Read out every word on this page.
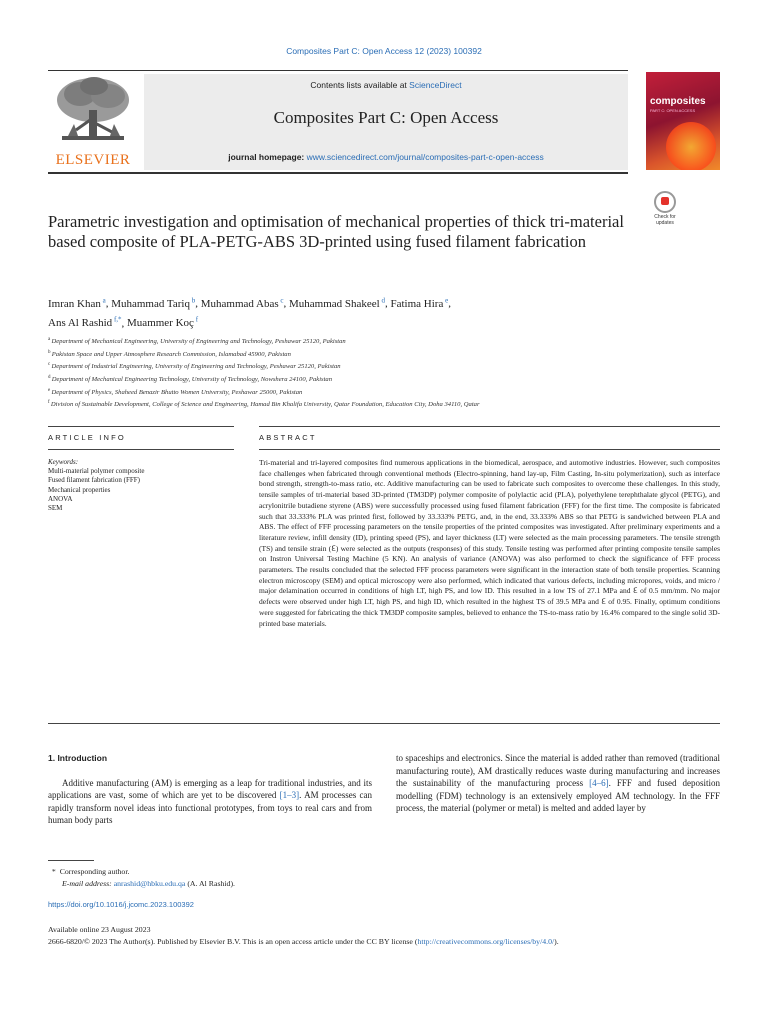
Composites Part C: Open Access 12 (2023) 100392
ELSEVIER
Contents lists available at ScienceDirect
Composites Part C: Open Access
journal homepage: www.sciencedirect.com/journal/composites-part-c-open-access
composites
PART C: OPEN ACCESS
Check for
updates
Parametric investigation and optimisation of mechanical properties of thick tri-material based composite of PLA-PETG-ABS 3D-printed using fused filament fabrication
Imran Khan $^a$, Muhammad Tariq $^b$, Muhammad Abas $^c$, Muhammad Shakeel $^d$, Fatima Hira $^e$,
Ans Al Rashid $^{f,*}$, Muammer Koç $^f$
$^a$ Department of Mechanical Engineering, University of Engineering and Technology, Peshawar 25120, Pakistan
$^b$ Pakistan Space and Upper Atmosphere Research Commission, Islamabad 45900, Pakistan
$^c$ Department of Industrial Engineering, University of Engineering and Technology, Peshawar 25120, Pakistan
$^d$ Department of Mechanical Engineering Technology, University of Technology, Nowshera 24100, Pakistan
$^e$ Department of Physics, Shaheed Benazir Bhutto Women University, Peshawar 25000, Pakistan
$^f$ Division of Sustainable Development, College of Science and Engineering, Hamad Bin Khalifa University, Qatar Foundation, Education City, Doha 34110, Qatar
ARTICLE INFO	ABSTRACT
Keywords:
Multi-material polymer composite
Fused filament fabrication (FFF)
Mechanical properties
ANOVA
SEM
Tri-material and tri-layered composites find numerous applications in the biomedical, aerospace, and automotive industries. However, such composites face challenges when fabricated through conventional methods (Electro-spinning, hand lay-up, Film Casting, In-situ polymerization), such as interface bond strength, strength-to-mass ratio, etc. Additive manufacturing can be used to fabricate such composites to overcome these challenges. In this study, tensile samples of tri-material based 3D-printed (TM3DP) polymer composite of polylactic acid (PLA), polyethylene terephthalate glycol (PETG), and acrylonitrile butadiene styrene (ABS) were successfully processed using fused filament fabrication (FFF) for the first time. The composite is fabricated such that 33.333% PLA was printed first, followed by 33.333% PETG, and, in the end, 33.333% ABS so that PETG is sandwiched between PLA and ABS. The effect of FFF processing parameters on the tensile properties of the printed composites was investigated. After preliminary experiments and a literature review, infill density (ID), printing speed (PS), and layer thickness (LT) were selected as the main processing parameters. The tensile strength (TS) and tensile strain (ℇ) were selected as the outputs (responses) of this study. Tensile testing was performed after printing composite tensile samples on Instron Universal Testing Machine (5 KN). An analysis of variance (ANOVA) was also performed to check the significance of FFF process parameters. The results concluded that the selected FFF process parameters were significant in the interaction state of both tensile properties. Scanning electron microscopy (SEM) and optical microscopy were also performed, which indicated that various defects, including micropores, voids, and micro / major delamination occurred in conditions of high LT, high PS, and low ID. This resulted in a low TS of 27.1 MPa and ℇ of 0.5 mm/mm. No major defects were observed under high LT, high PS, and high ID, which resulted in the highest TS of 39.5 MPa and ℇ of 0.95. Finally, optimum conditions were suggested for fabricating the thick TM3DP composite samples, believed to enhance the TS-to-mass ratio by 16.4% compared to the single solid 3D-printed base materials.
1. Introduction

Additive manufacturing (AM) is emerging as a leap for traditional industries, and its applications are vast, some of which are yet to be discovered [1–3]. AM processes can rapidly transform novel ideas into functional prototypes, from toys to real cars and from human body parts

to spaceships and electronics. Since the material is added rather than removed (traditional manufacturing route), AM drastically reduces waste during manufacturing and increases the sustainability of the manufacturing process [4–6]. FFF and fused deposition modelling (FDM) technology is an extensively employed AM technology. In the FFF process, the material (polymer or metal) is melted and added layer by

*  Corresponding author.
E-mail address: anrashid@hbku.edu.qa (A. Al Rashid).
https://doi.org/10.1016/j.jcomc.2023.100392
Available online 23 August 2023
2666-6820/© 2023 The Author(s). Published by Elsevier B.V. This is an open access article under the CC BY license (http://creativecommons.org/licenses/by/4.0/).
